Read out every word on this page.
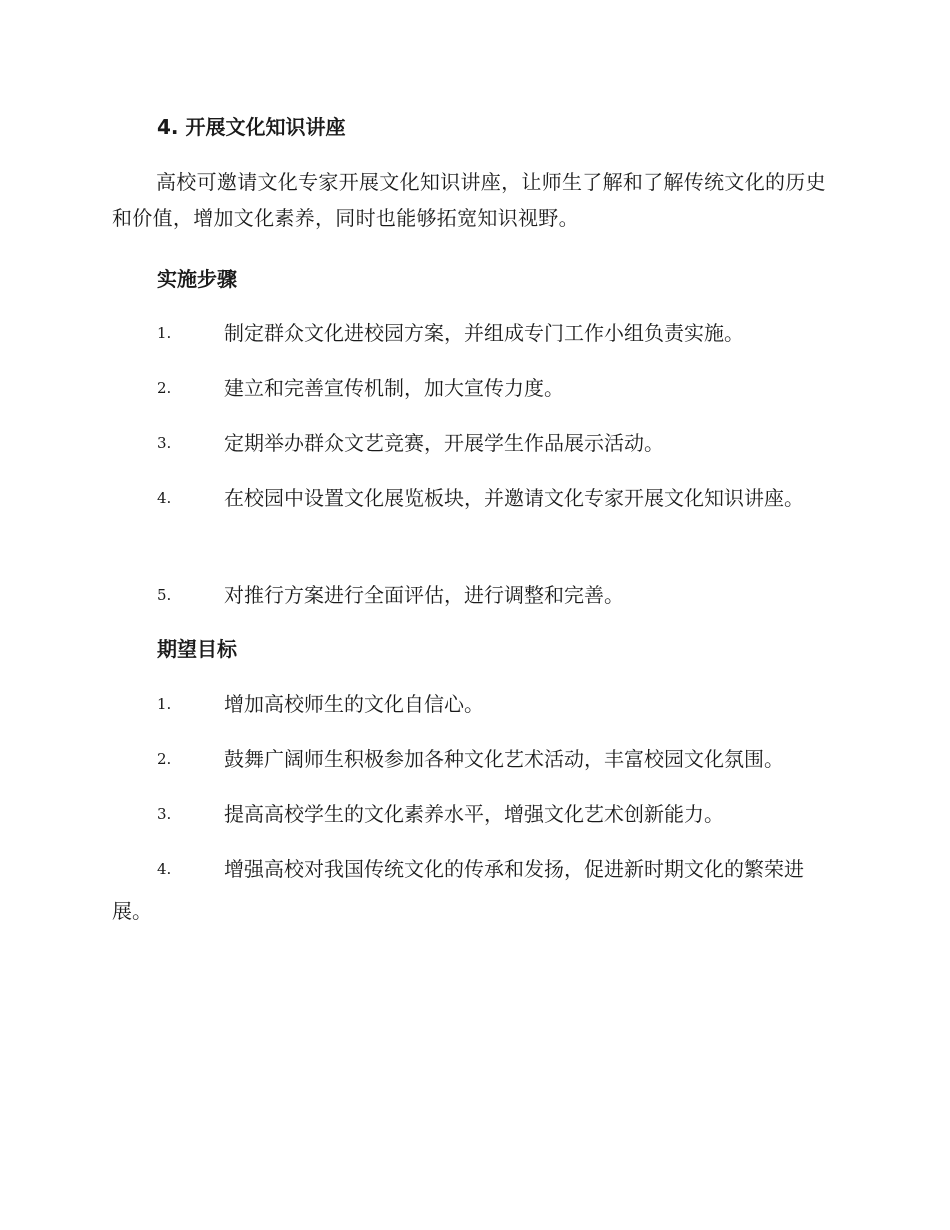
4. 开展文化知识讲座
高校可邀请文化专家开展文化知识讲座，让师生了解和了解传统文化的历史和价值，增加文化素养，同时也能够拓宽知识视野。
实施步骤
1.	制定群众文化进校园方案，并组成专门工作小组负责实施。
2.	建立和完善宣传机制，加大宣传力度。
3.	定期举办群众文艺竞赛，开展学生作品展示活动。
4.	在校园中设置文化展览板块，并邀请文化专家开展文化知识讲座。
5.	对推行方案进行全面评估，进行调整和完善。
期望目标
1.	增加高校师生的文化自信心。
2.	鼓舞广阔师生积极参加各种文化艺术活动，丰富校园文化氛围。
3.	提高高校学生的文化素养水平，增强文化艺术创新能力。
4.	增强高校对我国传统文化的传承和发扬，促进新时期文化的繁荣进展。
